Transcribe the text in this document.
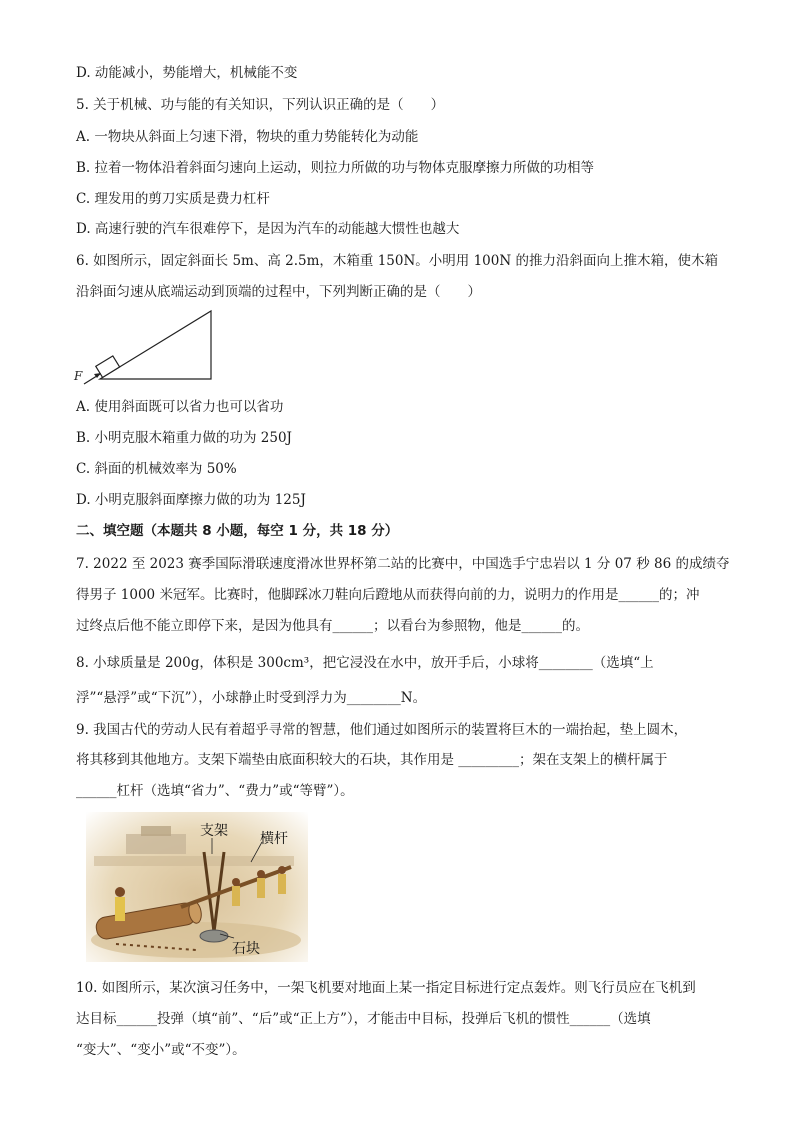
D. 动能减小，势能增大，机械能不变
5. 关于机械、功与能的有关知识，下列认识正确的是（　　）
A. 一物块从斜面上匀速下滑，物块的重力势能转化为动能
B. 拉着一物体沿着斜面匀速向上运动，则拉力所做的功与物体克服摩擦力所做的功相等
C. 理发用的剪刀实质是费力杠杆
D. 高速行驶的汽车很难停下，是因为汽车的动能越大惯性也越大
6. 如图所示，固定斜面长 5m、高 2.5m，木箱重 150N。小明用 100N 的推力沿斜面向上推木箱，使木箱
沿斜面匀速从底端运动到顶端的过程中，下列判断正确的是（　　）
F
A. 使用斜面既可以省力也可以省功
B. 小明克服木箱重力做的功为 250J
C. 斜面的机械效率为 50%
D. 小明克服斜面摩擦力做的功为 125J
二、填空题（本题共 8 小题，每空 1 分，共 18 分）
7. 2022 至 2023 赛季国际滑联速度滑冰世界杯第二站的比赛中，中国选手宁忠岩以 1 分 07 秒 86 的成绩夺
得男子 1000 米冠军。比赛时，他脚踩冰刀鞋向后蹬地从而获得向前的力，说明力的作用是______的；冲
过终点后他不能立即停下来，是因为他具有______；以看台为参照物，他是______的。
8. 小球质量是 200g，体积是 300cm³，把它浸没在水中，放开手后，小球将________（选填“上
浮”“悬浮”或“下沉”），小球静止时受到浮力为________N。
9. 我国古代的劳动人民有着超乎寻常的智慧，他们通过如图所示的装置将巨木的一端抬起，垫上圆木，
将其移到其他地方。支架下端垫由底面积较大的石块，其作用是 _________；架在支架上的横杆属于
______杠杆（选填“省力”、“费力”或“等臂”）。
支架 横杆
石块
10. 如图所示，某次演习任务中，一架飞机要对地面上某一指定目标进行定点轰炸。则飞行员应在飞机到
达目标______投弹（填“前”、“后”或“正上方”），才能击中目标，投弹后飞机的惯性______（选填
“变大”、“变小”或“不变”）。
